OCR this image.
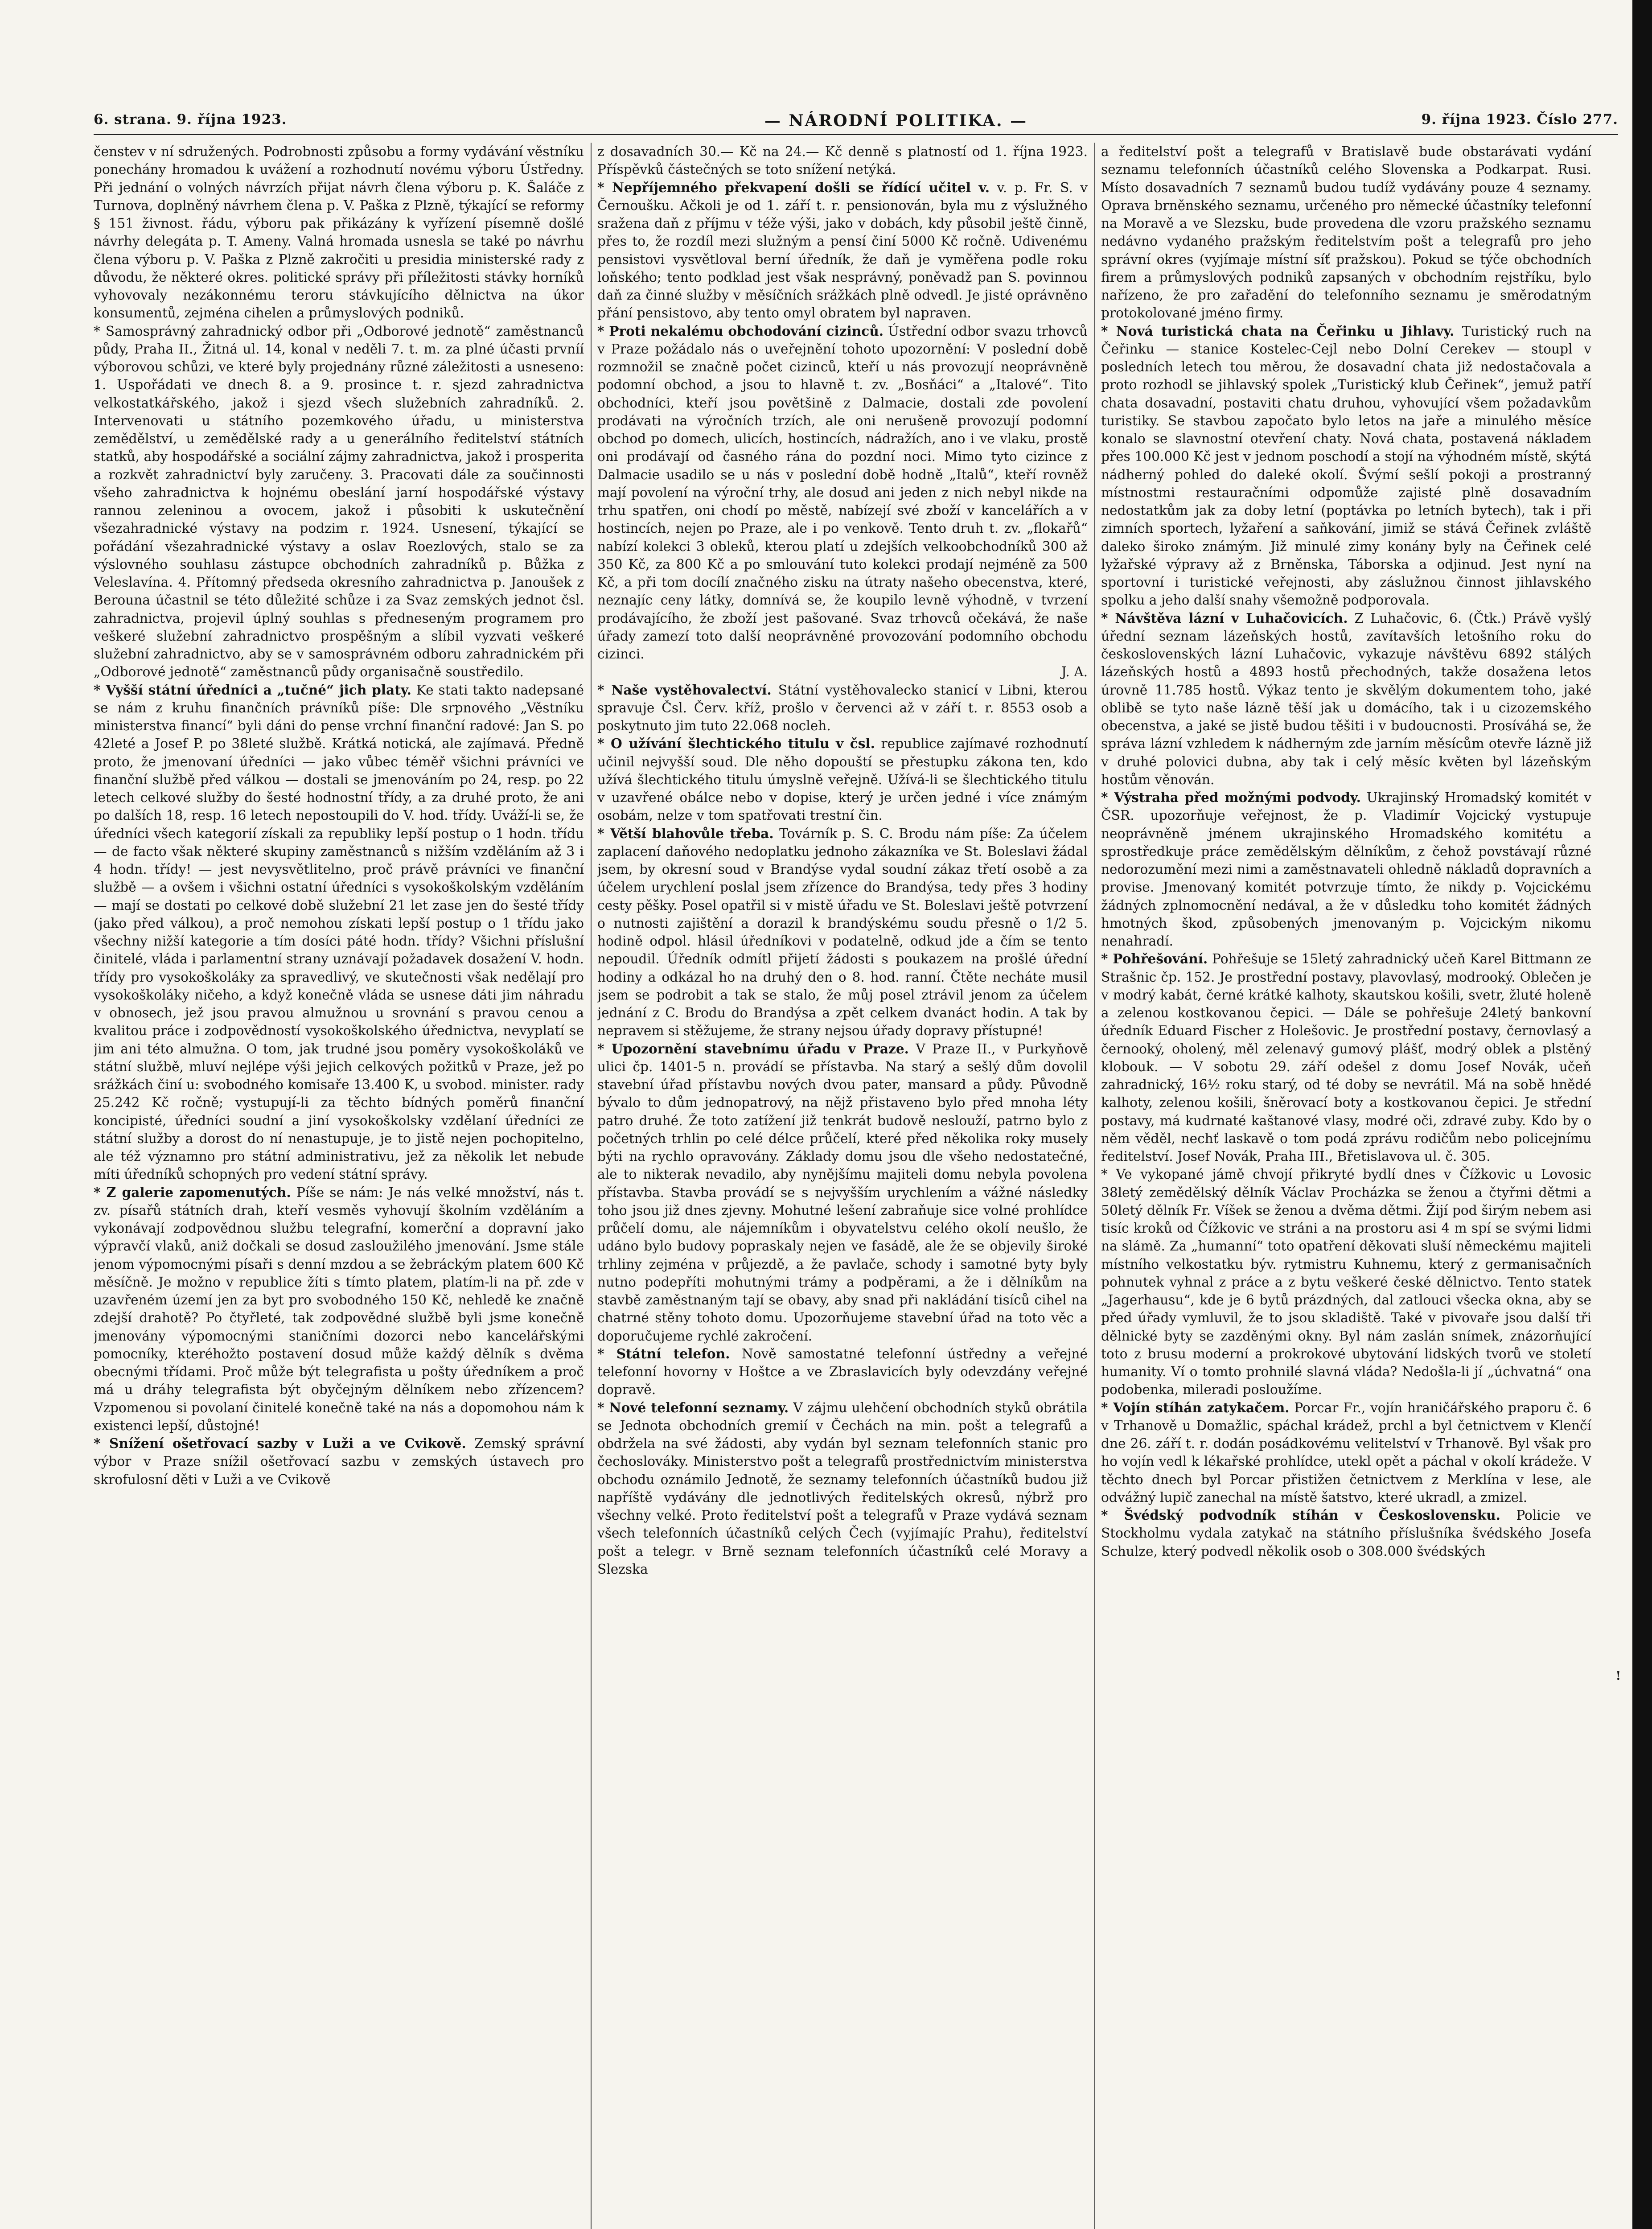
6. strana. 9. října 1923.	— NÁRODNÍ POLITIKA. —	9. října 1923. Číslo 277.

čenstev v ní sdružených. Podrobnosti způsobu a formy vydávání věstníku ponechány hromadou k uvážení a rozhodnutí novému výboru Ústředny. Při jednání o volných návrzích přijat návrh člena výboru p. K. Šaláče z Turnova, doplněný návrhem člena p. V. Paška z Plzně, týkající se reformy § 151 živnost. řádu, výboru pak přikázány k vyřízení písemně došlé návrhy delegáta p. T. Ameny. Valná hromada usnesla se také po návrhu člena výboru p. V. Paška z Plzně zakročiti u presidia ministerské rady z důvodu, že některé okres. politické správy při příležitosti stávky horníků vyhovovaly nezákonnému teroru stávkujícího dělnictva na úkor konsumentů, zejména cihelen a průmyslových podniků.

* Samosprávný zahradnický odbor při „Odborové jednotě“ zaměstnanců půdy, Praha II., Žitná ul. 14, konal v neděli 7. t. m. za plné účasti prvníí výborovou schůzi, ve které byly projednány různé záležitosti a usneseno: 1. Uspořádati ve dnech 8. a 9. prosince t. r. sjezd zahradnictva velkostatkářského, jakož i sjezd všech služebních zahradníků. 2. Intervenovati u státního pozemkového úřadu, u ministerstva zemědělství, u zemědělské rady a u generálního ředitelství státních statků, aby hospodářské a sociální zájmy zahradnictva, jakož i prosperita a rozkvět zahradnictví byly zaručeny. 3. Pracovati dále za součinnosti všeho zahradnictva k hojnému obeslání jarní hospodářské výstavy rannou zeleninou a ovocem, jakož i působiti k uskutečnění všezahradnické výstavy na podzim r. 1924. Usnesení, týkající se pořádání všezahradnické výstavy a oslav Roezlových, stalo se za výslovného souhlasu zástupce obchodních zahradníků p. Bůžka z Veleslavína. 4. Přítomný předseda okresního zahradnictva p. Janoušek z Berouna účastnil se této důležité schůze i za Svaz zemských jednot čsl. zahradnictva, projevil úplný souhlas s předneseným programem pro veškeré služební zahradnictvo prospěšným a slíbil vyzvati veškeré služební zahradnictvo, aby se v samosprávném odboru zahradnickém při „Odborové jednotě“ zaměstnanců půdy organisačně soustředilo.

* Vyšší státní úředníci a „tučné“ jich platy. Ke stati takto nadepsané se nám z kruhu finančních právníků píše: Dle srpnového „Věstníku ministerstva financí“ byli dáni do pense vrchní finanční radové: Jan S. po 42leté a Josef P. po 38leté službě. Krátká notická, ale zajímavá. Předně proto, že jmenovaní úředníci — jako vůbec téměř všichni právníci ve finanční službě před válkou — dostali se jmenováním po 24, resp. po 22 letech celkové služby do šesté hodnostní třídy, a za druhé proto, že ani po dalších 18, resp. 16 letech nepostoupili do V. hod. třídy. Uváží-li se, že úředníci všech kategorií získali za republiky lepší postup o 1 hodn. třídu — de facto však některé skupiny zaměstnanců s nižším vzděláním až 3 i 4 hodn. třídy! — jest nevysvětlitelno, proč právě právníci ve finanční službě — a ovšem i všichni ostatní úředníci s vysokoškolským vzděláním — mají se dostati po celkové době služební 21 let zase jen do šesté třídy (jako před válkou), a proč nemohou získati lepší postup o 1 třídu jako všechny nižší kategorie a tím dosíci páté hodn. třídy? Všichni příslušní činitelé, vláda i parlamentní strany uznávají požadavek dosažení V. hodn. třídy pro vysokoškoláky za spravedlivý, ve skutečnosti však nedělají pro vysokoškoláky ničeho, a když konečně vláda se usnese dáti jim náhradu v obnosech, jež jsou pravou almužnou u srovnání s pravou cenou a kvalitou práce i zodpovědností vysokoškolského úřednictva, nevyplatí se jim ani této almužna. O tom, jak trudné jsou poměry vysokoškoláků ve státní službě, mluví nejlépe výši jejich celkových požitků v Praze, jež po srážkách činí u: svobodného komisaře 13.400 K, u svobod. minister. rady 25.242 Kč ročně; vystupují-li za těchto bídných poměrů finanční koncipisté, úředníci soudní a jiní vysokoškolsky vzdělaní úředníci ze státní služby a dorost do ní nenastupuje, je to jistě nejen pochopitelno, ale též významno pro státní administrativu, jež za několik let nebude míti úředníků schopných pro vedení státní správy.

* Z galerie zapomenutých. Píše se nám: Je nás velké množství, nás t. zv. písařů státních drah, kteří vesměs vyhovují školním vzděláním a vykonávají zodpovědnou službu telegrafní, komerční a dopravní jako výpravčí vlaků, aniž dočkali se dosud zasloužilého jmenování. Jsme stále jenom výpomocnými písaři s denní mzdou a se žebráckým platem 600 Kč měsíčně. Je možno v republice žíti s tímto platem, platím-li na př. zde v uzavřeném území jen za byt pro svobodného 150 Kč, nehledě ke značně zdejší drahotě? Po čtyřleté, tak zodpovědné službě byli jsme konečně jmenovány výpomocnými staničními dozorci nebo kancelářskými pomocníky, kteréhožto postavení dosud může každý dělník s dvěma obecnými třídami. Proč může být telegrafista u pošty úředníkem a proč má u dráhy telegrafista být obyčejným dělníkem nebo zřízencem? Vzpomenou si povolaní činitelé konečně také na nás a dopomohou nám k existenci lepší, důstojné!

* Snížení ošetřovací sazby v Luži a ve Cvikově. Zemský správní výbor v Praze snížil ošetřovací sazbu v zemských ústavech pro skrofulosní děti v Luži a ve Cvikově

z dosavadních 30.— Kč na 24.— Kč denně s platností od 1. října 1923. Příspěvků částečných se toto snížení netýká.

* Nepříjemného překvapení došli se řídící učitel v. v. p. Fr. S. v Černoušku. Ačkoli je od 1. září t. r. pensionován, byla mu z výslužného sražena daň z příjmu v téže výši, jako v dobách, kdy působil ještě činně, přes to, že rozdíl mezi služným a pensí činí 5000 Kč ročně. Udivenému pensistovi vysvětloval berní úředník, že daň je vyměřena podle roku loňského; tento podklad jest však nesprávný, poněvadž pan S. povinnou daň za činné služby v měsíčních srážkách plně odvedl. Je jisté oprávněno přání pensistovo, aby tento omyl obratem byl napraven.

* Proti nekalému obchodování cizinců. Ústřední odbor svazu trhovců v Praze požádalo nás o uveřejnění tohoto upozornění: V poslední době rozmnožil se značně počet cizinců, kteří u nás provozují neoprávněně podomní obchod, a jsou to hlavně t. zv. „Bosňáci“ a „Italové“. Tito obchodníci, kteří jsou povětšině z Dalmacie, dostali zde povolení prodávati na výročních trzích, ale oni nerušeně provozují podomní obchod po domech, ulicích, hostincích, nádražích, ano i ve vlaku, prostě oni prodávají od časného rána do pozdní noci. Mimo tyto cizince z Dalmacie usadilo se u nás v poslední době hodně „Italů“, kteří rovněž mají povolení na výroční trhy, ale dosud ani jeden z nich nebyl nikde na trhu spatřen, oni chodí po městě, nabízejí své zboží v kancelářích a v hostincích, nejen po Praze, ale i po venkově. Tento druh t. zv. „flokařů“ nabízí kolekci 3 obleků, kterou platí u zdejších velkoobchodníků 300 až 350 Kč, za 800 Kč a po smlouvání tuto kolekci prodají nejméně za 500 Kč, a při tom docílí značného zisku na útraty našeho obecenstva, které, neznajíc ceny látky, domnívá se, že koupilo levně výhodně, v tvrzení prodávajícího, že zboží jest pašované. Svaz trhovců očekává, že naše úřady zamezí toto další neoprávněné provozování podomního obchodu cizinci.

J. A.

* Naše vystěhovalectví. Státní vystěhovalecko stanicí v Libni, kterou spravuje Čsl. Červ. kříž, prošlo v červenci až v září t. r. 8553 osob a poskytnuto jim tuto 22.068 nocleh.

* O užívání šlechtického titulu v čsl. republice zajímavé rozhodnutí učinil nejvyšší soud. Dle něho dopouští se přestupku zákona ten, kdo užívá šlechtického titulu úmyslně veřejně. Užívá-li se šlechtického titulu v uzavřené obálce nebo v dopise, který je určen jedné i více známým osobám, nelze v tom spatřovati trestní čin.

* Větší blahovůle třeba. Továrník p. S. C. Brodu nám píše: Za účelem zaplacení daňového nedoplatku jednoho zákazníka ve St. Boleslavi žádal jsem, by okresní soud v Brandýse vydal soudní zákaz třetí osobě a za účelem urychlení poslal jsem zřízence do Brandýsa, tedy přes 3 hodiny cesty pěšky. Posel opatřil si v mistě úřadu ve St. Boleslavi ještě potvrzení o nutnosti zajištění a dorazil k brandýskému soudu přesně o 1/2 5. hodině odpol. hlásil úředníkovi v podatelně, odkud jde a čím se tento nepoudil. Úředník odmítl přijetí žádosti s poukazem na prošlé úřední hodiny a odkázal ho na druhý den o 8. hod. ranní. Čtěte necháte musil jsem se podrobit a tak se stalo, že můj posel ztrávil jenom za účelem jednání z C. Brodu do Brandýsa a zpět celkem dvanáct hodin. A tak by nepravem si stěžujeme, že strany nejsou úřady dopravy přístupné!

* Upozornění stavebnímu úřadu v Praze. V Praze II., v Purkyňově ulici čp. 1401-5 n. provádí se přístavba. Na starý a sešlý dům dovolil stavební úřad přístavbu nových dvou pater, mansard a půdy. Původně bývalo to dům jednopatrový, na nějž přistaveno bylo před mnoha léty patro druhé. Že toto zatížení již tenkrát budově neslouží, patrno bylo z početných trhlin po celé délce průčelí, které před několika roky musely býti na rychlo opravovány. Základy domu jsou dle všeho nedostatečné, ale to nikterak nevadilo, aby nynějšímu majiteli domu nebyla povolena přístavba. Stavba provádí se s nejvyšším urychlením a vážné následky toho jsou již dnes zjevny. Mohutné lešení zabraňuje sice volné prohlídce průčelí domu, ale nájemníkům i obyvatelstvu celého okolí neušlo, že udáno bylo budovy popraskaly nejen ve fasádě, ale že se objevily široké trhliny zejména v průjezdě, a že pavlače, schody i samotné byty byly nutno podepříti mohutnými trámy a podpěrami, a že i dělníkům na stavbě zaměstnaným tají se obavy, aby snad při nakládání tisíců cihel na chatrné stěny tohoto domu. Upozorňujeme stavební úřad na toto věc a doporučujeme rychlé zakročení.

* Státní telefon. Nově samostatné telefonní ústředny a veřejné telefonní hovorny v Hoštce a ve Zbraslavicích byly odevzdány veřejné dopravě.

* Nové telefonní seznamy. V zájmu ulehčení obchodních styků obrátila se Jednota obchodních gremií v Čechách na min. pošt a telegrafů a obdržela na své žádosti, aby vydán byl seznam telefonních stanic pro čechoslováky. Ministerstvo pošt a telegrafů prostřednictvím ministerstva obchodu oznámilo Jednotě, že seznamy telefonních účastníků budou již napříště vydávány dle jednotlivých ředitelských okresů, nýbrž pro všechny velké. Proto ředitelství pošt a telegrafů v Praze vydává seznam všech telefonních účastníků celých Čech (vyjímajíc Prahu), ředitelství pošt a telegr. v Brně seznam telefonních účastníků celé Moravy a Slezska

a ředitelství pošt a telegrafů v Bratislavě bude obstarávati vydání seznamu telefonních účastníků celého Slovenska a Podkarpat. Rusi. Místo dosavadních 7 seznamů budou tudíž vydávány pouze 4 seznamy. Oprava brněnského seznamu, určeného pro německé účastníky telefonní na Moravě a ve Slezsku, bude provedena dle vzoru pražského seznamu nedávno vydaného pražským ředitelstvím pošt a telegrafů pro jeho správní okres (vyjímaje místní síť pražskou). Pokud se týče obchodních firem a průmyslových podniků zapsaných v obchodním rejstříku, bylo nařízeno, že pro zařadění do telefonního seznamu je směrodatným protokolované jméno firmy.

* Nová turistická chata na Čeřinku u Jihlavy. Turistický ruch na Čeřinku — stanice Kostelec-Cejl nebo Dolní Cerekev — stoupl v posledních letech tou měrou, že dosavadní chata již nedostačovala a proto rozhodl se jihlavský spolek „Turistický klub Čeřinek“, jemuž patří chata dosavadní, postaviti chatu druhou, vyhovující všem požadavkům turistiky. Se stavbou započato bylo letos na jaře a minulého měsíce konalo se slavnostní otevření chaty. Nová chata, postavená nákladem přes 100.000 Kč jest v jednom poschodí a stojí na výhodném místě, skýtá nádherný pohled do daleké okolí. Švýmí sešlí pokoji a prostranný místnostmi restauračními odpomůže zajisté plně dosavadním nedostatkům jak za doby letní (poptávka po letních bytech), tak i při zimních sportech, lyžaření a saňkování, jimiž se stává Čeřinek zvláště daleko široko známým. Již minulé zimy konány byly na Čeřinek celé lyžařské výpravy až z Brněnska, Táborska a odjinud. Jest nyní na sportovní i turistické veřejnosti, aby záslužnou činnost jihlavského spolku a jeho další snahy všemožně podporovala.

* Návštěva lázní v Luhačovicích. Z Luhačovic, 6. (Čtk.) Právě vyšlý úřední seznam lázeňských hostů, zavítavších letošního roku do československých lázní Luhačovic, vykazuje návštěvu 6892 stálých lázeňských hostů a 4893 hostů přechodných, takže dosažena letos úrovně 11.785 hostů. Výkaz tento je skvělým dokumentem toho, jaké oblibě se tyto naše lázně těší jak u domácího, tak i u cizozemského obecenstva, a jaké se jistě budou těšiti i v budoucnosti. Prosíváhá se, že správa lázní vzhledem k nádherným zde jarním měsícům otevře lázně již v druhé polovici dubna, aby tak i celý měsíc květen byl lázeňským hostům věnován.

* Výstraha před možnými podvody. Ukrajinský Hromadský komitét v ČSR. upozorňuje veřejnost, že p. Vladimír Vojcický vystupuje neoprávněně jménem ukrajinského Hromadského komitétu a sprostředkuje práce zemědělským dělníkům, z čehož povstávají různé nedorozumění mezi nimi a zaměstnavateli ohledně nákladů dopravních a provise. Jmenovaný komitét potvrzuje tímto, že nikdy p. Vojcickému žádných zplnomocnění nedával, a že v důsledku toho komitét žádných hmotných škod, způsobených jmenovaným p. Vojcickým nikomu nenahradí.

* Pohřešování. Pohřešuje se 15letý zahradnický učeň Karel Bittmann ze Strašnic čp. 152. Je prostřední postavy, plavovlasý, modrooký. Oblečen je v modrý kabát, černé krátké kalhoty, skautskou košili, svetr, žluté holeně a zelenou kostkovanou čepici. — Dále se pohřešuje 24letý bankovní úředník Eduard Fischer z Holešovic. Je prostřední postavy, černovlasý a černooký, oholený, měl zelenavý gumový plášť, modrý oblek a plstěný klobouk. — V sobotu 29. září odešel z domu Josef Novák, učeň zahradnický, 16½ roku starý, od té doby se nevrátil. Má na sobě hnědé kalhoty, zelenou košili, šněrovací boty a kostkovanou čepici. Je střední postavy, má kudrnaté kaštanové vlasy, modré oči, zdravé zuby. Kdo by o něm věděl, nechť laskavě o tom podá zprávu rodičům nebo policejnímu ředitelství. Josef Novák, Praha III., Břetislavova ul. č. 305.

* Ve vykopané jámě chvojí přikryté bydlí dnes v Čížkovic u Lovosic 38letý zemědělský dělník Václav Procházka se ženou a čtyřmi dětmi a 50letý dělník Fr. Víšek se ženou a dvěma dětmi. Žijí pod širým nebem asi tisíc kroků od Čížkovic ve stráni a na prostoru asi 4 m spí se svými lidmi na slámě. Za „humanní“ toto opatření děkovati sluší německému majiteli místního velkostatku býv. rytmistru Kuhnemu, který z germanisačních pohnutek vyhnal z práce a z bytu veškeré české dělnictvo. Tento statek „Jagerhausu“, kde je 6 bytů prázdných, dal zatlouci všecka okna, aby se před úřady vymluvil, že to jsou skladiště. Také v pivovaře jsou další tři dělnické byty se zazděnými okny. Byl nám zaslán snímek, znázorňující toto z brusu moderní a prokrokové ubytování lidských tvorů ve století humanity. Ví o tomto prohnilé slavná vláda? Nedošla-li jí „úchvatná“ ona podobenka, mileradi posloužíme.

* Vojín stíhán zatykačem. Porcar Fr., vojín hraničářského praporu č. 6 v Trhanově u Domažlic, spáchal krádež, prchl a byl četnictvem v Klenčí dne 26. září t. r. dodán posádkovému velitelství v Trhanově. Byl však pro ho vojín vedl k lékařské prohlídce, utekl opět a páchal v okolí krádeže. V těchto dnech byl Porcar přistižen četnictvem z Merklína v lese, ale odvážný lupič zanechal na místě šatstvo, které ukradl, a zmizel.

* Švédský podvodník stíhán v Československu. Policie ve Stockholmu vydala zatykač na státního příslušníka švédského Josefa Schulze, který podvedl několik osob o 308.000 švédských

!
